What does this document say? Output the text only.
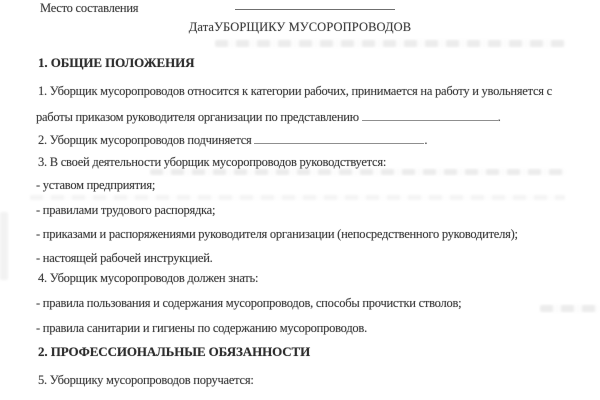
Место составления
ДатаУБОРЩИКУ МУСОРОПРОВОДОВ
1. ОБЩИЕ ПОЛОЖЕНИЯ
1. Уборщик мусоропроводов относится к категории рабочих, принимается на работу и увольняется с
работы приказом руководителя организации по представлению	.
2. Уборщик мусоропроводов подчиняется	.
3. В своей деятельности уборщик мусоропроводов руководствуется:
- уставом предприятия;
- правилами трудового распорядка;
- приказами и распоряжениями руководителя организации (непосредственного руководителя);
- настоящей рабочей инструкцией.
4. Уборщик мусоропроводов должен знать:
- правила пользования и содержания мусоропроводов, способы прочистки стволов;
- правила санитарии и гигиены по содержанию мусоропроводов.
2. ПРОФЕССИОНАЛЬНЫЕ ОБЯЗАННОСТИ
5. Уборщику мусоропроводов поручается:
